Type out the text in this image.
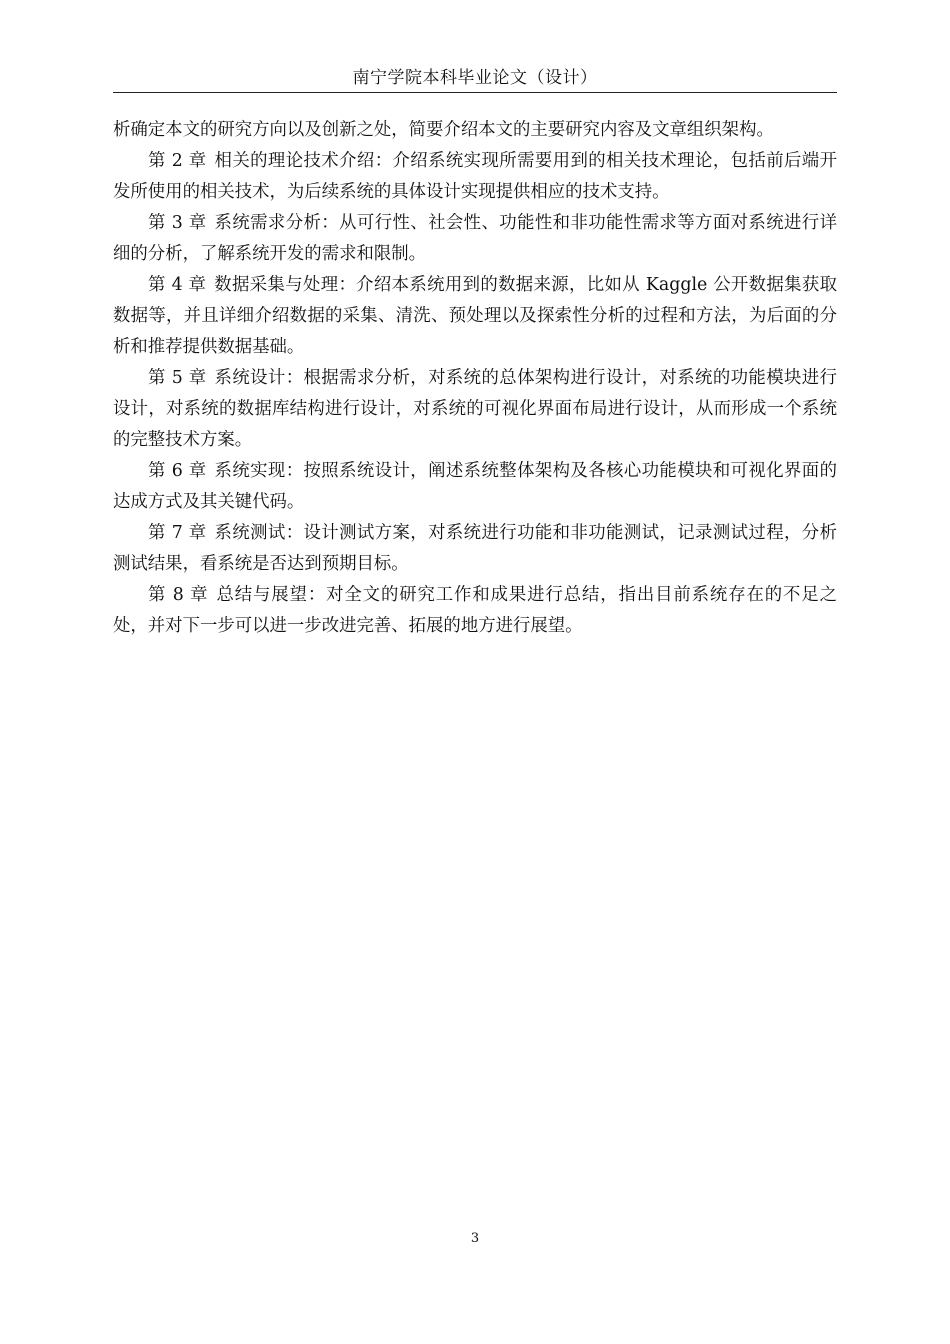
南宁学院本科毕业论文（设计）

析确定本文的研究方向以及创新之处，简要介绍本文的主要研究内容及文章组织架构。

第 2 章 相关的理论技术介绍：介绍系统实现所需要用到的相关技术理论，包括前后端开发所使用的相关技术，为后续系统的具体设计实现提供相应的技术支持。

第 3 章 系统需求分析：从可行性、社会性、功能性和非功能性需求等方面对系统进行详细的分析，了解系统开发的需求和限制。

第 4 章 数据采集与处理：介绍本系统用到的数据来源，比如从 Kaggle 公开数据集获取数据等，并且详细介绍数据的采集、清洗、预处理以及探索性分析的过程和方法，为后面的分析和推荐提供数据基础。

第 5 章 系统设计：根据需求分析，对系统的总体架构进行设计，对系统的功能模块进行设计，对系统的数据库结构进行设计，对系统的可视化界面布局进行设计，从而形成一个系统的完整技术方案。

第 6 章 系统实现：按照系统设计，阐述系统整体架构及各核心功能模块和可视化界面的达成方式及其关键代码。

第 7 章 系统测试：设计测试方案，对系统进行功能和非功能测试，记录测试过程，分析测试结果，看系统是否达到预期目标。

第 8 章 总结与展望：对全文的研究工作和成果进行总结，指出目前系统存在的不足之处，并对下一步可以进一步改进完善、拓展的地方进行展望。

3
